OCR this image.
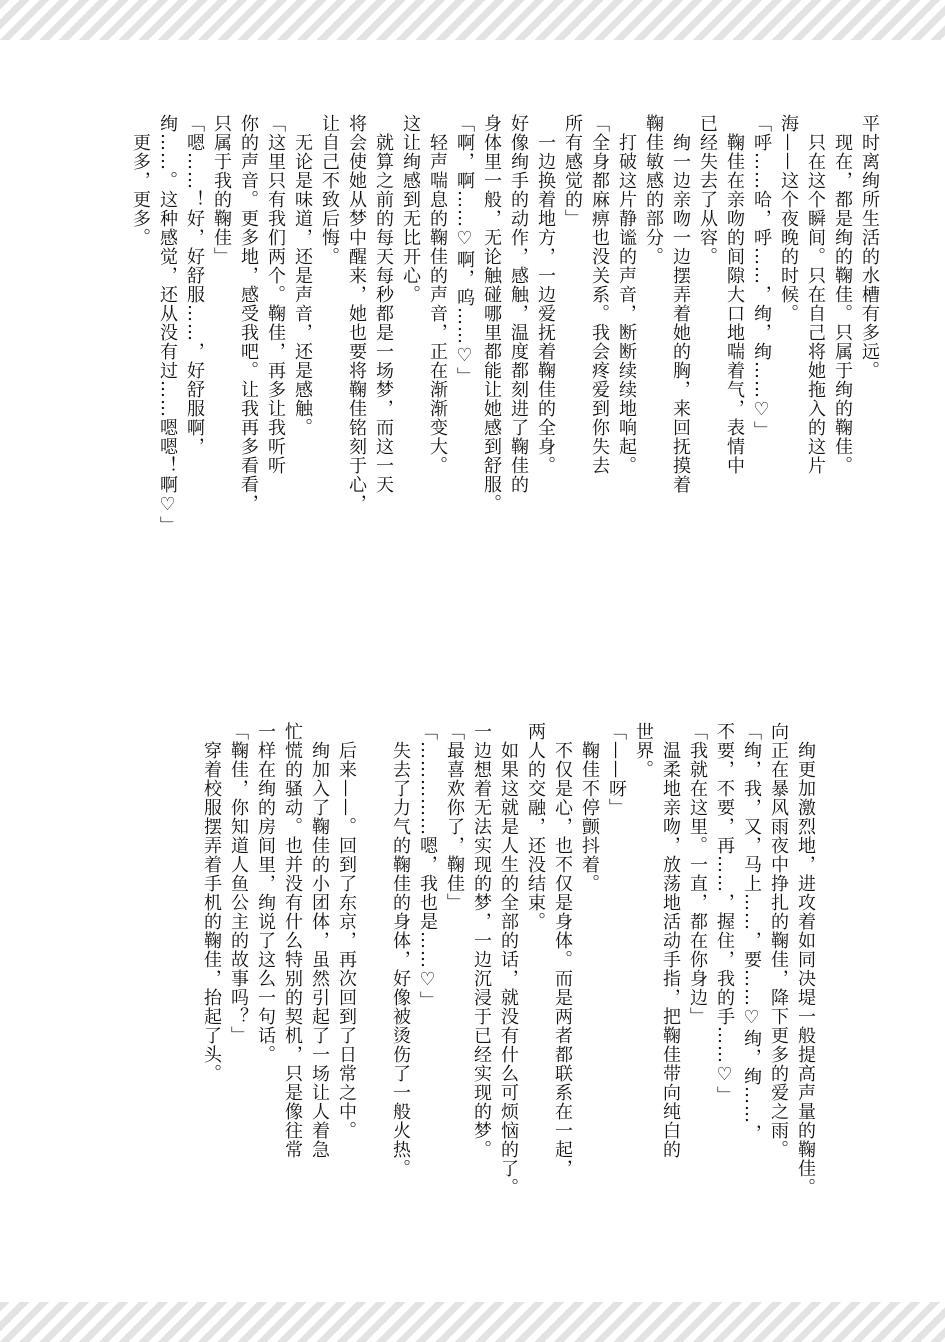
平时离绚所生活的水槽有多远。
　现在，都是绚的鞠佳。只属于绚的鞠佳。
　只在这个瞬间。只在自己将她拖入的这片
海——这个夜晚的时候。
「呼……哈，呼……，绚，绚……♡」
　鞠佳在亲吻的间隙大口地喘着气，表情中
已经失去了从容。
　绚一边亲吻一边摆弄着她的胸，来回抚摸着
鞠佳敏感的部分。
　打破这片静谧的声音，断断续续地响起。
「全身都麻痹也没关系。我会疼爱到你失去
所有感觉的」
　一边换着地方，一边爱抚着鞠佳的全身。
好像绚手的动作，感触，温度都刻进了鞠佳的
身体里一般，无论触碰哪里都能让她感到舒服。
「啊，啊……♡啊，呜……♡」
　轻声喘息的鞠佳的声音，正在渐渐变大。
这让绚感到无比开心。
　就算之前的每天每秒都是一场梦，而这一天
将会使她从梦中醒来，她也要将鞠佳铭刻于心，
让自己不致后悔。
　无论是味道，还是声音，还是感触。
「这里只有我们两个。鞠佳，再多让我听听
你的声音。更多地，感受我吧。让我再多看看，
只属于我的鞠佳」
「嗯……！好，好舒服……，好舒服啊，
绚……。这种感觉，还从没有过……嗯嗯！啊♡」
　更多，更多。
　绚更加激烈地，进攻着如同决堤一般提高声量的鞠佳。
向正在暴风雨夜中挣扎的鞠佳，降下更多的爱之雨。
「绚，我，又，马上……，要……♡绚，绚……，
不要，不要，再……，握住，我的手……♡」
「我就在这里。一直，都在你身边」
　温柔地亲吻，放荡地活动手指，把鞠佳带向纯白的
世界。
「——呀」
　鞠佳不停颤抖着。
　不仅是心，也不仅是身体。而是两者都联系在一起，
两人的交融，还没结束。
　如果这就是人生的全部的话，就没有什么可烦恼的了。
一边想着无法实现的梦，一边沉浸于已经实现的梦。
「最喜欢你了，鞠佳」
「……………嗯，我也是……♡」
　失去了力气的鞠佳的身体，好像被烫伤了一般火热。

　后来——。回到了东京，再次回到了日常之中。
　绚加入了鞠佳的小团体，虽然引起了一场让人着急
忙慌的骚动。也并没有什么特别的契机，只是像往常
一样在绚的房间里，绚说了这么一句话。
「鞠佳，你知道人鱼公主的故事吗？」
　穿着校服摆弄着手机的鞠佳，抬起了头。
